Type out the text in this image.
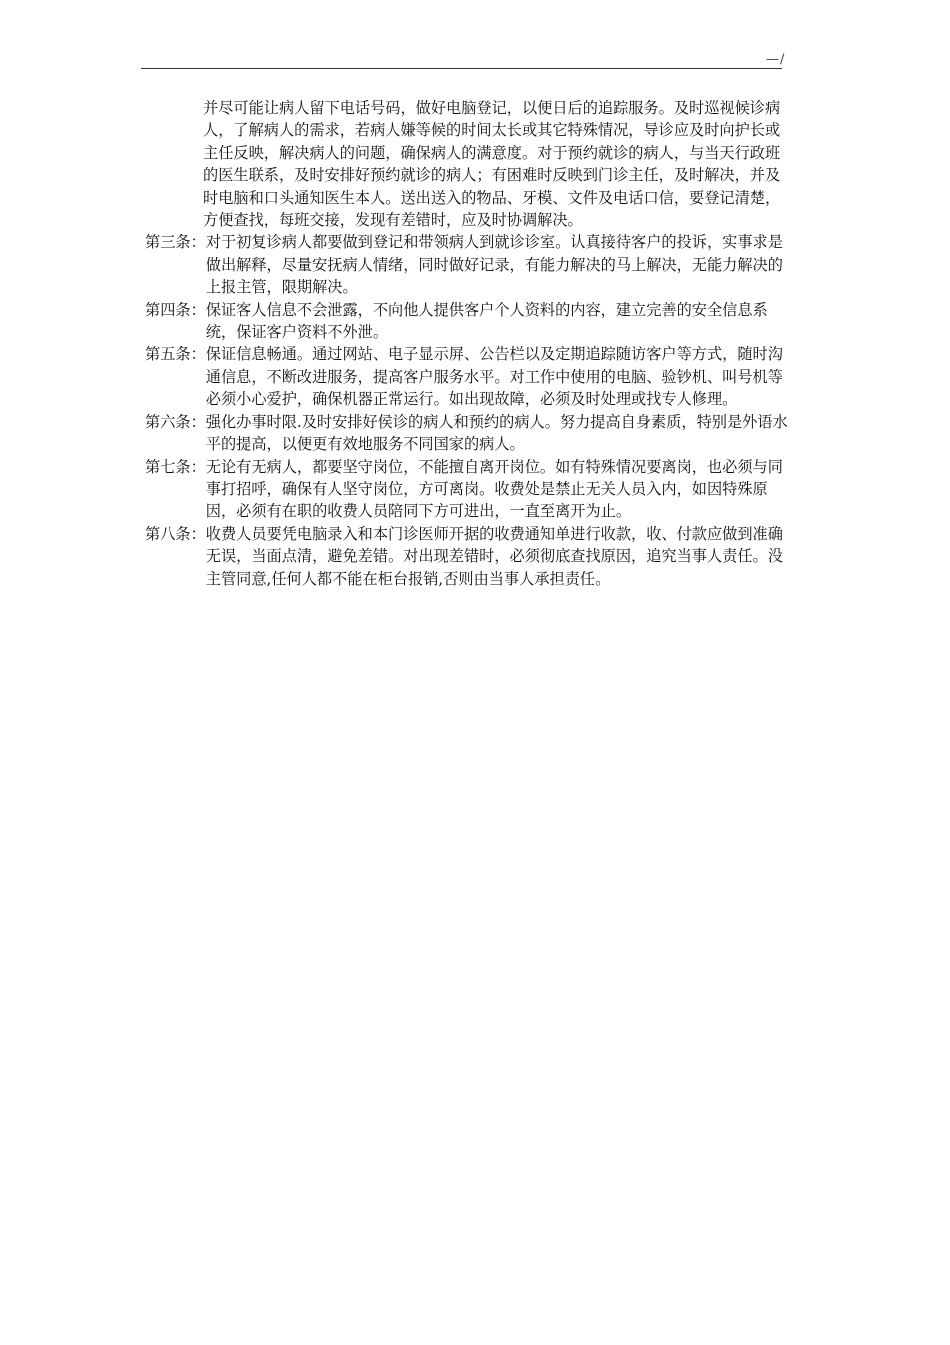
—/

并尽可能让病人留下电话号码，做好电脑登记，以便日后的追踪服务。及时巡视候诊病人，了解病人的需求，若病人嫌等候的时间太长或其它特殊情况，导诊应及时向护长或主任反映，解决病人的问题，确保病人的满意度。对于预约就诊的病人，与当天行政班的医生联系，及时安排好预约就诊的病人；有困难时反映到门诊主任，及时解决，并及时电脑和口头通知医生本人。送出送入的物品、牙模、文件及电话口信，要登记清楚，方便查找，每班交接，发现有差错时，应及时协调解决。

第三条： 对于初复诊病人都要做到登记和带领病人到就诊诊室。认真接待客户的投诉，实事求是做出解释，尽量安抚病人情绪，同时做好记录，有能力解决的马上解决，无能力解决的上报主管，限期解决。

第四条： 保证客人信息不会泄露，不向他人提供客户个人资料的内容，建立完善的安全信息系统，保证客户资料不外泄。

第五条： 保证信息畅通。通过网站、电子显示屏、公告栏以及定期追踪随访客户等方式，随时沟通信息，不断改进服务，提高客户服务水平。对工作中使用的电脑、验钞机、叫号机等必须小心爱护，确保机器正常运行。如出现故障，必须及时处理或找专人修理。

第六条： 强化办事时限.及时安排好侯诊的病人和预约的病人。努力提高自身素质，特别是外语水平的提高，以便更有效地服务不同国家的病人。

第七条： 无论有无病人，都要坚守岗位，不能擅自离开岗位。如有特殊情况要离岗，也必须与同事打招呼，确保有人坚守岗位，方可离岗。收费处是禁止无关人员入内，如因特殊原因，必须有在职的收费人员陪同下方可进出，一直至离开为止。

第八条： 收费人员要凭电脑录入和本门诊医师开据的收费通知单进行收款，收、付款应做到准确无误，当面点清，避免差错。对出现差错时，必须彻底查找原因，追究当事人责任。没主管同意,任何人都不能在柜台报销,否则由当事人承担责任。
